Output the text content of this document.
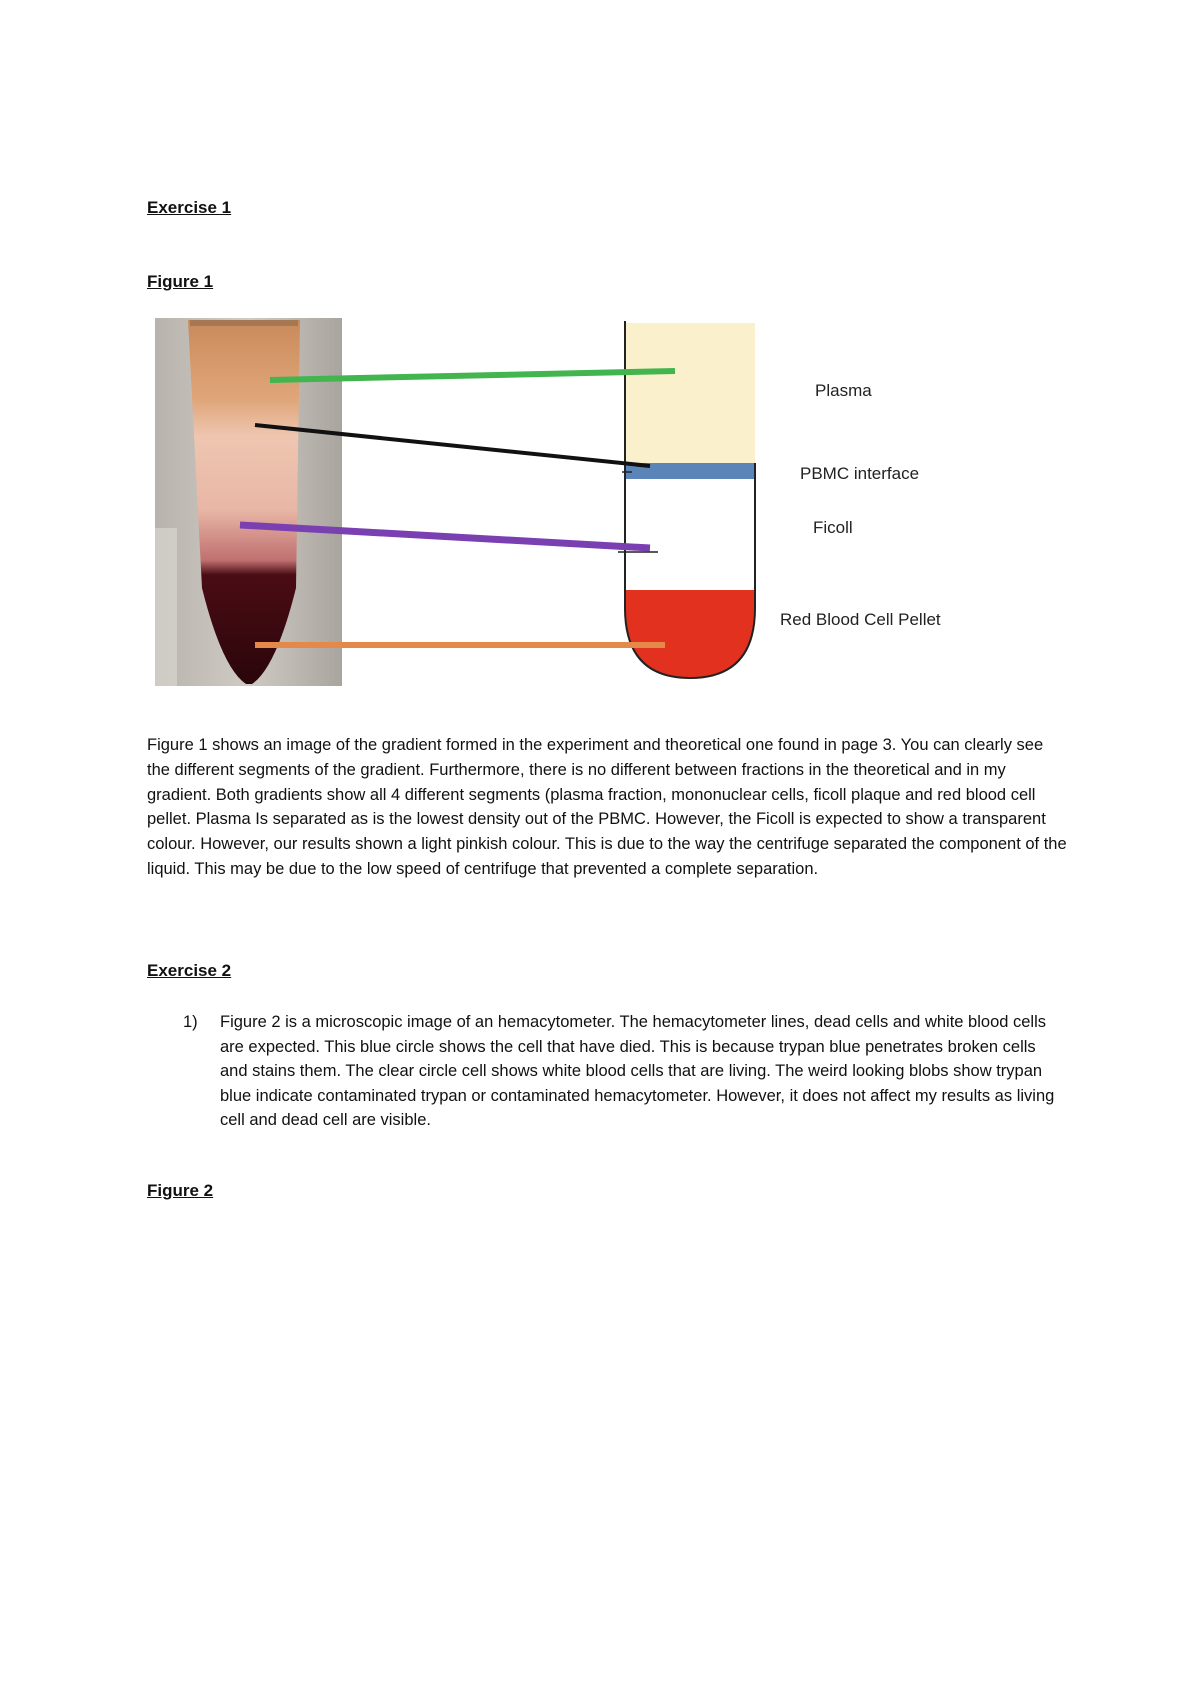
Exercise 1

Figure 1

Plasma
PBMC interface
Ficoll
Red Blood Cell Pellet

Figure 1 shows an image of the gradient formed in the experiment and theoretical one found in page 3. You can clearly see the different segments of the gradient. Furthermore, there is no different between fractions in the theoretical and in my gradient. Both gradients show all 4 different segments (plasma fraction, mononuclear cells, ficoll plaque and red blood cell pellet. Plasma Is separated as is the lowest density out of the PBMC. However, the Ficoll is expected to show a transparent colour. However, our results shown a light pinkish colour. This is due to the way the centrifuge separated the component of the liquid. This may be due to the low speed of centrifuge that prevented a complete separation.

Exercise 2

1) Figure 2 is a microscopic image of an hemacytometer. The hemacytometer lines, dead cells and white blood cells are expected. This blue circle shows the cell that have died. This is because trypan blue penetrates broken cells and stains them. The clear circle cell shows white blood cells that are living. The weird looking blobs show trypan blue indicate contaminated trypan or contaminated hemacytometer. However, it does not affect my results as living cell and dead cell are visible.

Figure 2
